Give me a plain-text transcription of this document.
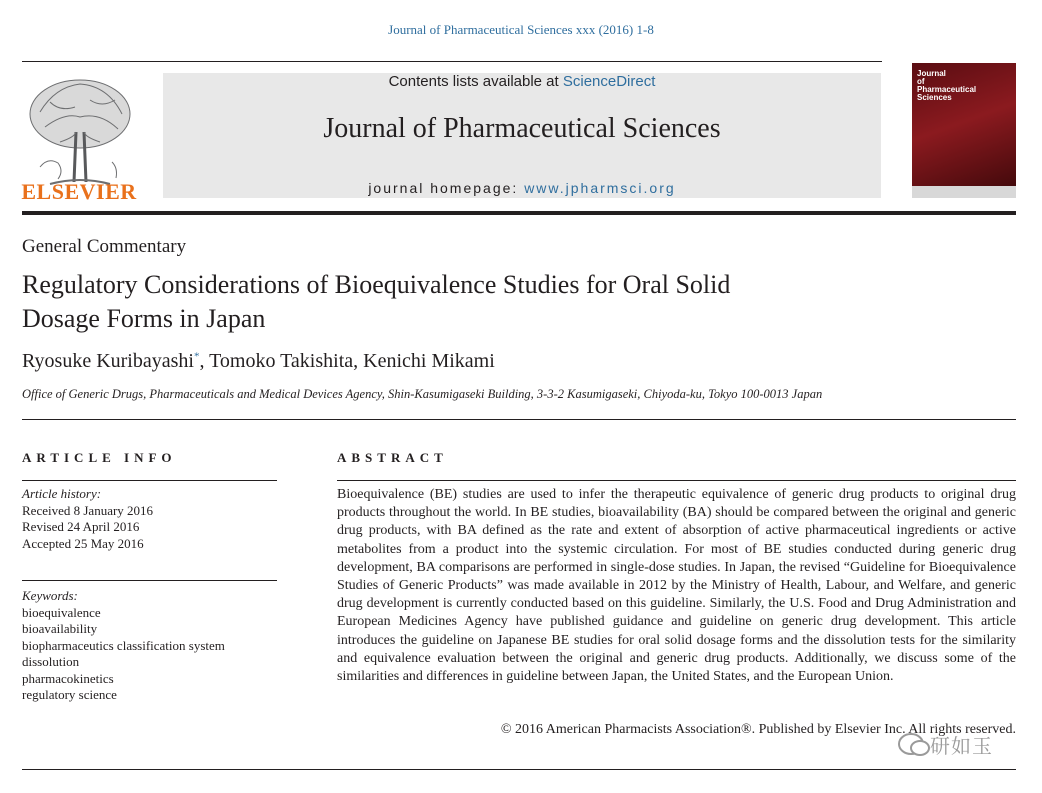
Journal of Pharmaceutical Sciences xxx (2016) 1-8
ELSEVIER
Contents lists available at ScienceDirect
Journal of Pharmaceutical Sciences
journal homepage: www.jpharmsci.org
Journal
of
Pharmaceutical
Sciences
General Commentary
Regulatory Considerations of Bioequivalence Studies for Oral Solid
Dosage Forms in Japan
Ryosuke Kuribayashi*, Tomoko Takishita, Kenichi Mikami
Office of Generic Drugs, Pharmaceuticals and Medical Devices Agency, Shin-Kasumigaseki Building, 3-3-2 Kasumigaseki, Chiyoda-ku, Tokyo 100-0013 Japan
ARTICLE INFO
Article history:
Received 8 January 2016
Revised 24 April 2016
Accepted 25 May 2016
Keywords:
bioequivalence
bioavailability
biopharmaceutics classification system
dissolution
pharmacokinetics
regulatory science
ABSTRACT
Bioequivalence (BE) studies are used to infer the therapeutic equivalence of generic drug products to original drug products throughout the world. In BE studies, bioavailability (BA) should be compared between the original and generic drug products, with BA defined as the rate and extent of absorption of active pharmaceutical ingredients or active metabolites from a product into the systemic circulation. For most of BE studies conducted during generic drug development, BA comparisons are performed in single-dose studies. In Japan, the revised “Guideline for Bioequivalence Studies of Generic Products” was made available in 2012 by the Ministry of Health, Labour, and Welfare, and generic drug development is currently conducted based on this guideline. Similarly, the U.S. Food and Drug Administration and European Medicines Agency have published guidance and guideline on generic drug development. This article introduces the guideline on Japanese BE studies for oral solid dosage forms and the dissolution tests for the similarity and equivalence evaluation between the original and generic drug products. Additionally, we discuss some of the similarities and differences in guideline between Japan, the United States, and the European Union.
© 2016 American Pharmacists Association®. Published by Elsevier Inc. All rights reserved.
研如玉
